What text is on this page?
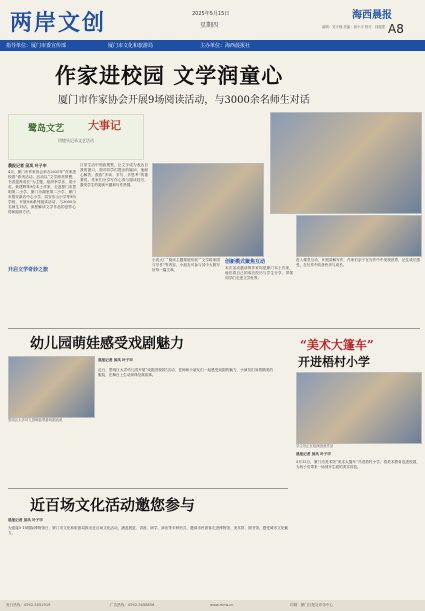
两岸文创	2025年5月15日
星期四
海西晨报
A8
编辑：吴天楠 美编：林小平 校对：林瑞建
指导单位：厦门市委宣传部	厦门市文化和旅游局	主办单位：海西晨报社
作家进校园 文学润童心
厦门市作家协会开展9场阅读活动，与3000余名师生对话
鹭岛文艺 大事记
用镜头记录文艺活动
晨报记者 邱凤 叶子申
4月，厦门市作家协会举办2025年“作家进校园”系列活动。活动以“文学照亮梦想，书香滋养成长”为主题，组织李学乐、梁小英、黄建辉等9位本土作家，走进厦门市思明第二小学、厦门市湖里第二小学、厦门市翔安新店中心小学、同安东山小学等9所学校，开展9场系列阅读活动，与3000余名师生对话，深度解读文学作品的创作心得和阅读方法。
开启文学奇妙之旅
日常生活中细致观察，让文字成为表达自我的窗口，面对同学们提出的疑问，他耐心解答，鼓励“多读、多写、多思考”的重要性。作家们分享写作心得与阅读技巧，激发学生的阅读兴趣和写作热情。
小说大广“阅读主题课展布展”“文学给家园与写作”等内容，小朋友可参与其中大胆写好每一篇文章。
创新模式聚焦互动
本次活动邀请的作家均是厦门本土作家，他们将自己的成长经历与学生分享，带领同学们走进文学世界。
进入课堂互动，开展讲解写作，作家们亲于在写作中中发现世界，记住成长感受，在写作中收获快乐与成长。
幼儿园萌娃感受戏剧魅力
思明区大洋幼儿园萌娃观看戏剧表演
晨报记者 邱凤 叶子申
近日，思明区大洋幼儿园开展“戏剧进校园”活动，老师和小朋友们一起感受戏剧的魅力，小演员们身着精美的服装、在舞台上生动演绎经典故事。
“美术大篷车”
开进梧村小学
学生们正在绘画创意作品
晨报记者 邱凤 叶子申
5月12日，厦门市美术馆“美术大篷车”开进梧村小学，将美术教育送进校园，为孩子们带来一场别开生面的美术体验。
近百场文化活动邀您参与
晨报记者 邱凤 叶子申
为迎接5·18国际博物馆日，厦门市文化和旅游局推出近百场文化活动，涵盖展览、讲座、研学、演出等多种形式，邀请市民游客走进博物馆、美术馆、图书馆，感受城市文化魅力。
发行热线：0592-5551919	广告热线：0592-5058858	www.mnw.cn	印刷：厦门日报社印务中心
